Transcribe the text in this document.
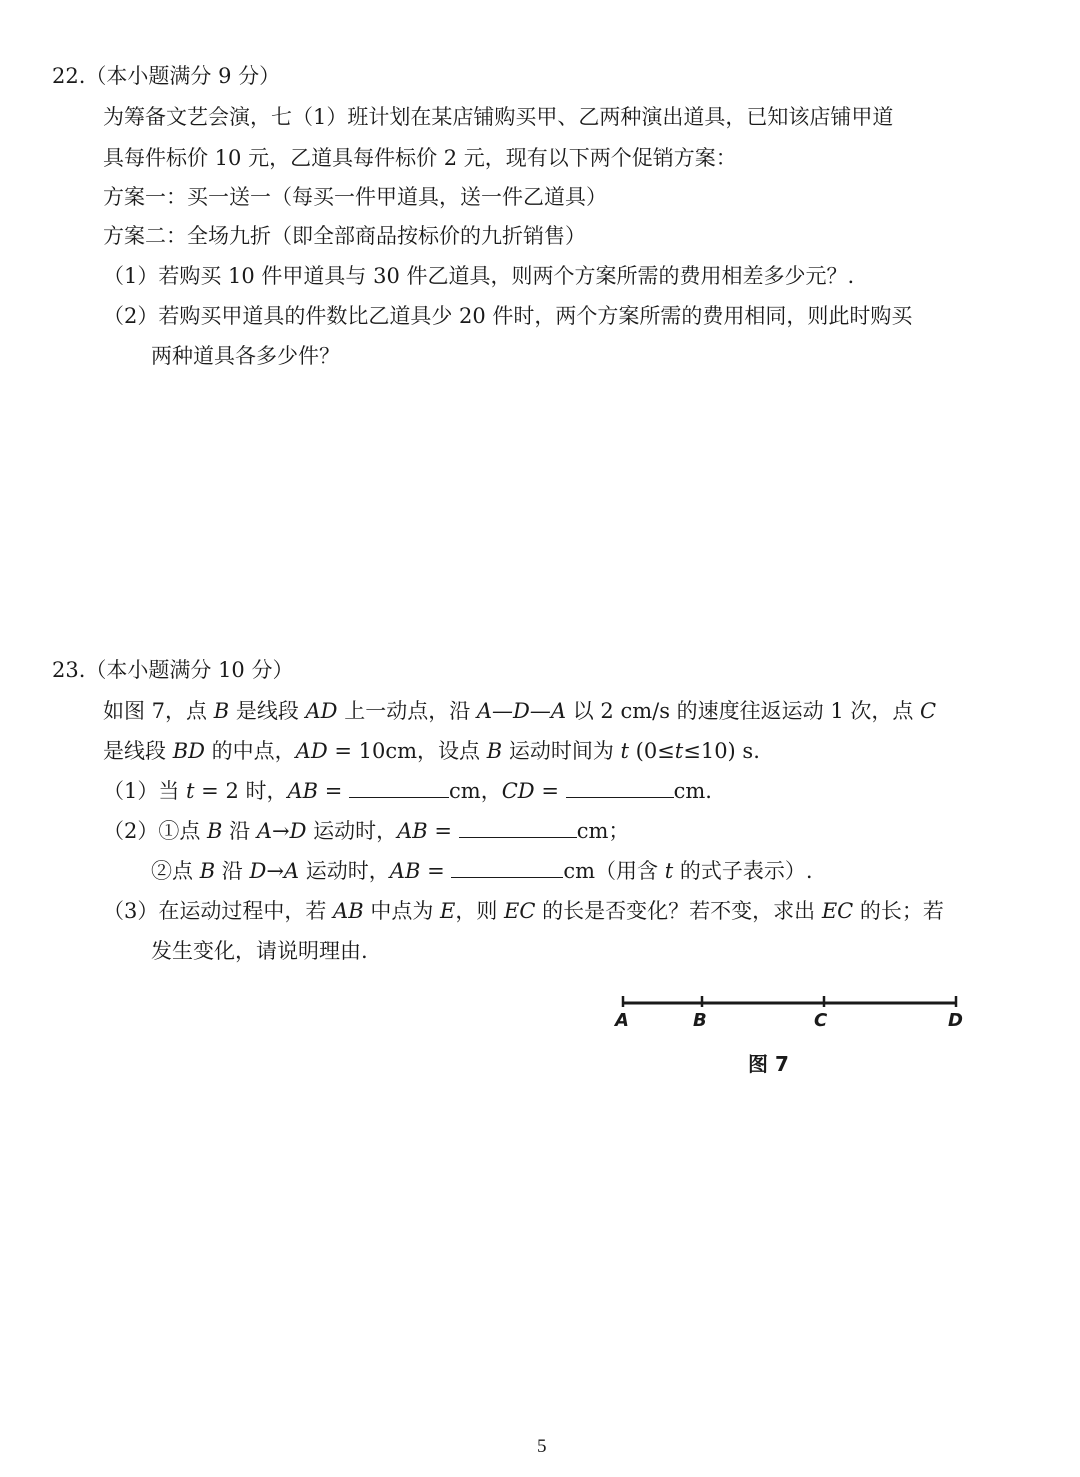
22.（本小题满分 9 分）
为筹备文艺会演，七（1）班计划在某店铺购买甲、乙两种演出道具，已知该店铺甲道
具每件标价 10 元，乙道具每件标价 2 元，现有以下两个促销方案：
方案一：买一送一（每买一件甲道具，送一件乙道具）
方案二：全场九折（即全部商品按标价的九折销售）
（1）若购买 10 件甲道具与 30 件乙道具，则两个方案所需的费用相差多少元？.
（2）若购买甲道具的件数比乙道具少 20 件时，两个方案所需的费用相同，则此时购买
两种道具各多少件？
23.（本小题满分 10 分）
如图 7，点 B 是线段 AD 上一动点，沿 A—D—A 以 2 cm/s 的速度往返运动 1 次，点 C
是线段 BD 的中点，AD = 10cm，设点 B 运动时间为 t (0≤t≤10) s.
（1）当 t = 2 时，AB =	cm，CD =	cm.
（2）①点 B 沿 A→D 运动时，AB =	cm；
②点 B 沿 D→A 运动时，AB =	cm（用含 t 的式子表示）.
（3）在运动过程中，若 AB 中点为 E，则 EC 的长是否变化？若不变，求出 EC 的长；若
发生变化，请说明理由.
A	B	C	D
图 7
5
